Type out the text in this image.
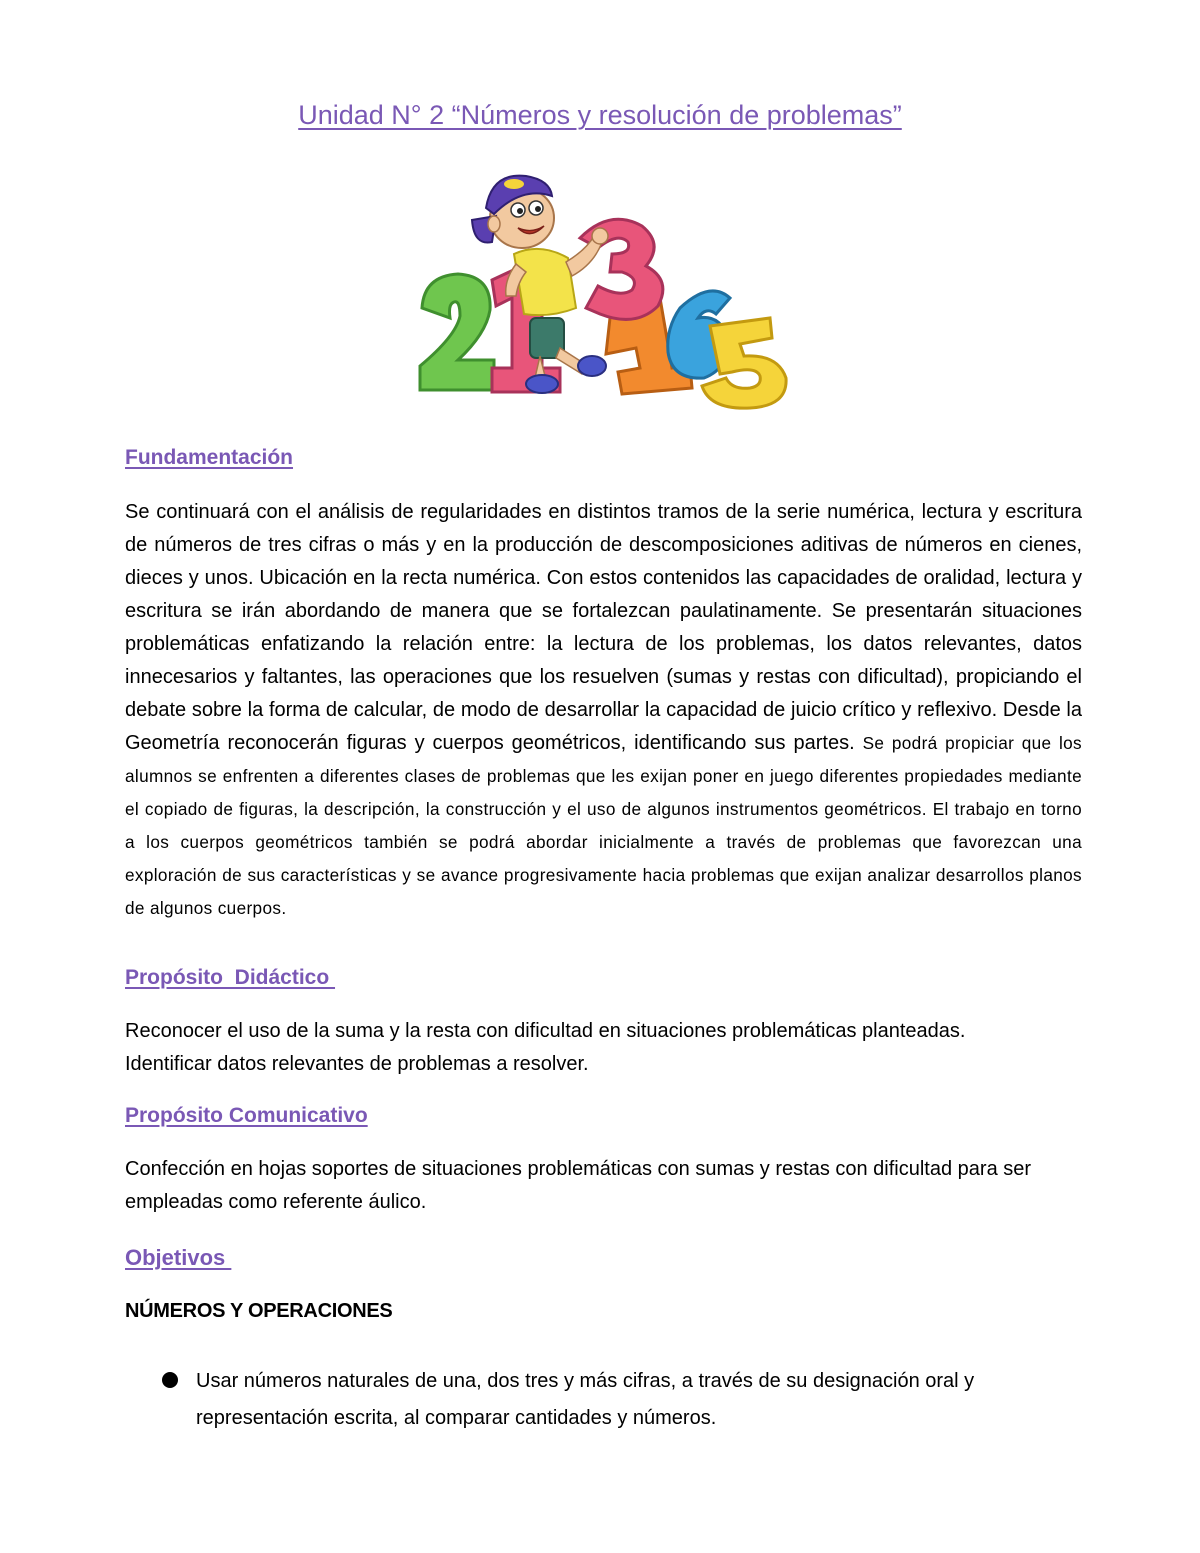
Unidad N° 2 “Números y resolución de problemas”
Fundamentación
Se continuará con el análisis de regularidades en distintos tramos de la serie numérica, lectura y escritura de números de tres cifras o más y en la producción de descomposiciones aditivas de números en cienes, dieces y unos. Ubicación en la recta numérica. Con estos contenidos las capacidades de oralidad, lectura y escritura se irán abordando de manera que se fortalezcan paulatinamente. Se presentarán situaciones problemáticas enfatizando la relación entre: la lectura de los problemas, los datos relevantes, datos innecesarios y faltantes, las operaciones que los resuelven (sumas y restas con dificultad), propiciando el debate sobre la forma de calcular, de modo de desarrollar la capacidad de juicio crítico y reflexivo. Desde la Geometría reconocerán figuras y cuerpos geométricos, identificando sus partes. Se podrá propiciar que los alumnos se enfrenten a diferentes clases de problemas que les exijan poner en juego diferentes propiedades mediante el copiado de figuras, la descripción, la construcción y el uso de algunos instrumentos geométricos. El trabajo en torno a los cuerpos geométricos también se podrá abordar inicialmente a través de problemas que favorezcan una exploración de sus características y se avance progresivamente hacia problemas que exijan analizar desarrollos planos de algunos cuerpos.
Propósito  Didáctico
Reconocer el uso de la suma y la resta con dificultad en situaciones problemáticas planteadas.
Identificar datos relevantes de problemas a resolver.
Propósito Comunicativo
Confección en hojas soportes de situaciones problemáticas con sumas y restas con dificultad para ser empleadas como referente áulico.
Objetivos
NÚMEROS Y OPERACIONES
Usar números naturales de una, dos tres y más cifras, a través de su designación oral y representación escrita, al comparar cantidades y números.
